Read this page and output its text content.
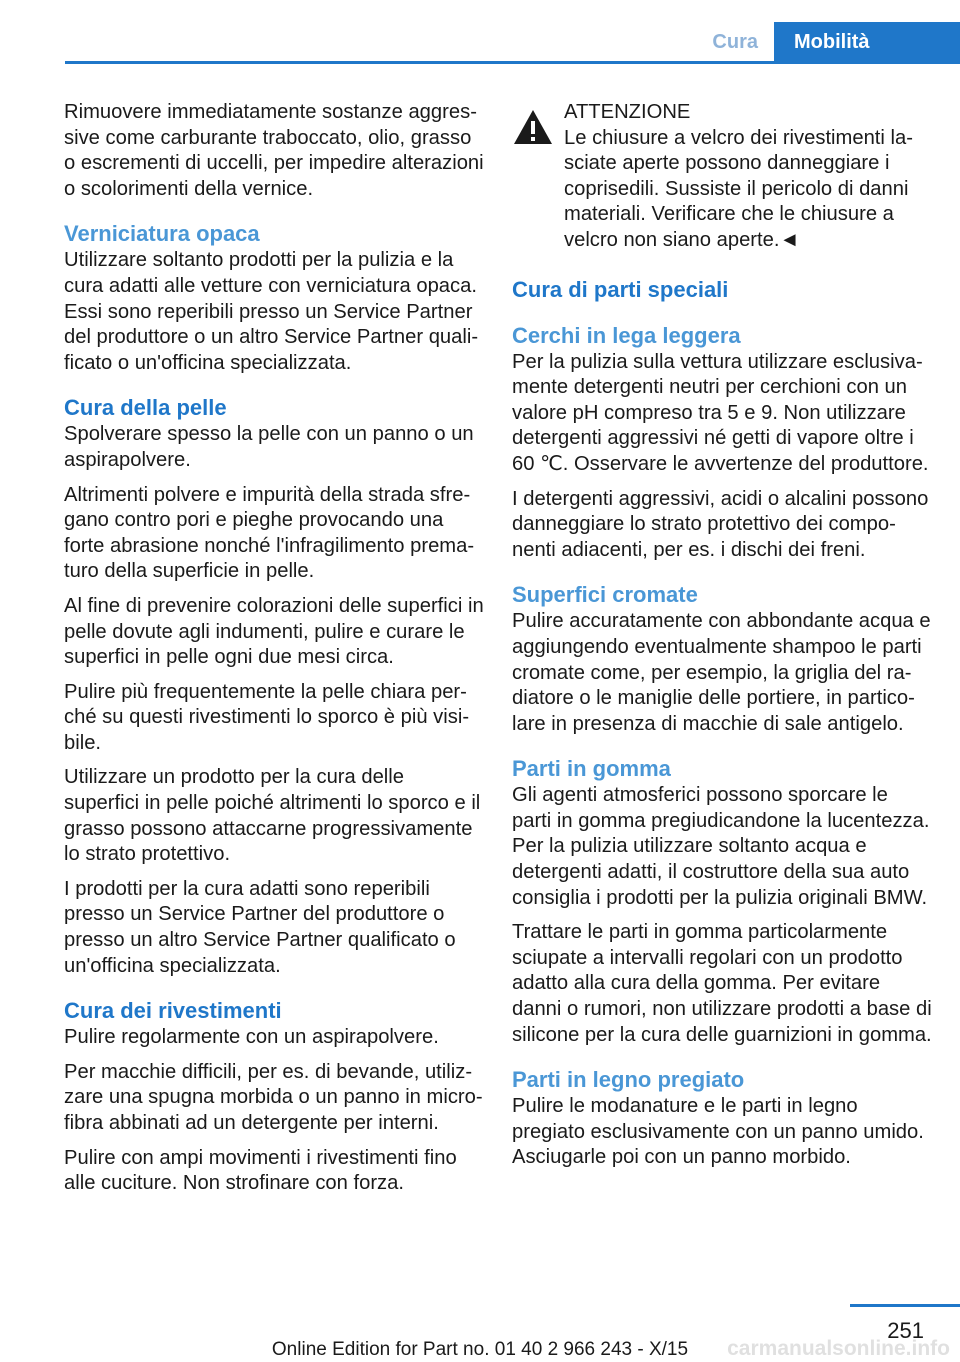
Cura	Mobilità

Rimuovere immediatamente sostanze aggressive come carburante traboccato, olio, grasso o escrementi di uccelli, per impedire alterazioni o scolorimenti della vernice.

Verniciatura opaca

Utilizzare soltanto prodotti per la pulizia e la cura adatti alle vetture con verniciatura opaca. Essi sono reperibili presso un Service Partner del produttore o un altro Service Partner qualificato o un'officina specializzata.

Cura della pelle

Spolverare spesso la pelle con un panno o un aspirapolvere.

Altrimenti polvere e impurità della strada sfregano contro pori e pieghe provocando una forte abrasione nonché l'infragilimento prematuro della superficie in pelle.

Al fine di prevenire colorazioni delle superfici in pelle dovute agli indumenti, pulire e curare le superfici in pelle ogni due mesi circa.

Pulire più frequentemente la pelle chiara perché su questi rivestimenti lo sporco è più visibile.

Utilizzare un prodotto per la cura delle superfici in pelle poiché altrimenti lo sporco e il grasso possono attaccarne progressivamente lo strato protettivo.

I prodotti per la cura adatti sono reperibili presso un Service Partner del produttore o presso un altro Service Partner qualificato o un'officina specializzata.

Cura dei rivestimenti

Pulire regolarmente con un aspirapolvere.

Per macchie difficili, per es. di bevande, utilizzare una spugna morbida o un panno in microfibra abbinati ad un detergente per interni.

Pulire con ampi movimenti i rivestimenti fino alle cuciture. Non strofinare con forza.

ATTENZIONE
Le chiusure a velcro dei rivestimenti lasciate aperte possono danneggiare i coprisedili. Sussiste il pericolo di danni materiali. Verificare che le chiusure a velcro non siano aperte.◄
Cura di parti speciali
Cerchi in lega leggera

Per la pulizia sulla vettura utilizzare esclusivamente detergenti neutri per cerchioni con un valore pH compreso tra 5 e 9. Non utilizzare detergenti aggressivi né getti di vapore oltre i 60 ℃. Osservare le avvertenze del produttore.

I detergenti aggressivi, acidi o alcalini possono danneggiare lo strato protettivo dei componenti adiacenti, per es. i dischi dei freni.

Superfici cromate

Pulire accuratamente con abbondante acqua e aggiungendo eventualmente shampoo le parti cromate come, per esempio, la griglia del radiatore o le maniglie delle portiere, in particolare in presenza di macchie di sale antigelo.

Parti in gomma

Gli agenti atmosferici possono sporcare le parti in gomma pregiudicandone la lucentezza. Per la pulizia utilizzare soltanto acqua e detergenti adatti, il costruttore della sua auto consiglia i prodotti per la pulizia originali BMW.

Trattare le parti in gomma particolarmente sciupate a intervalli regolari con un prodotto adatto alla cura della gomma. Per evitare danni o rumori, non utilizzare prodotti a base di silicone per la cura delle guarnizioni in gomma.

Parti in legno pregiato

Pulire le modanature e le parti in legno pregiato esclusivamente con un panno umido. Asciugarle poi con un panno morbido.

251
Online Edition for Part no. 01 40 2 966 243 - X/15	carmanualsonline.info
